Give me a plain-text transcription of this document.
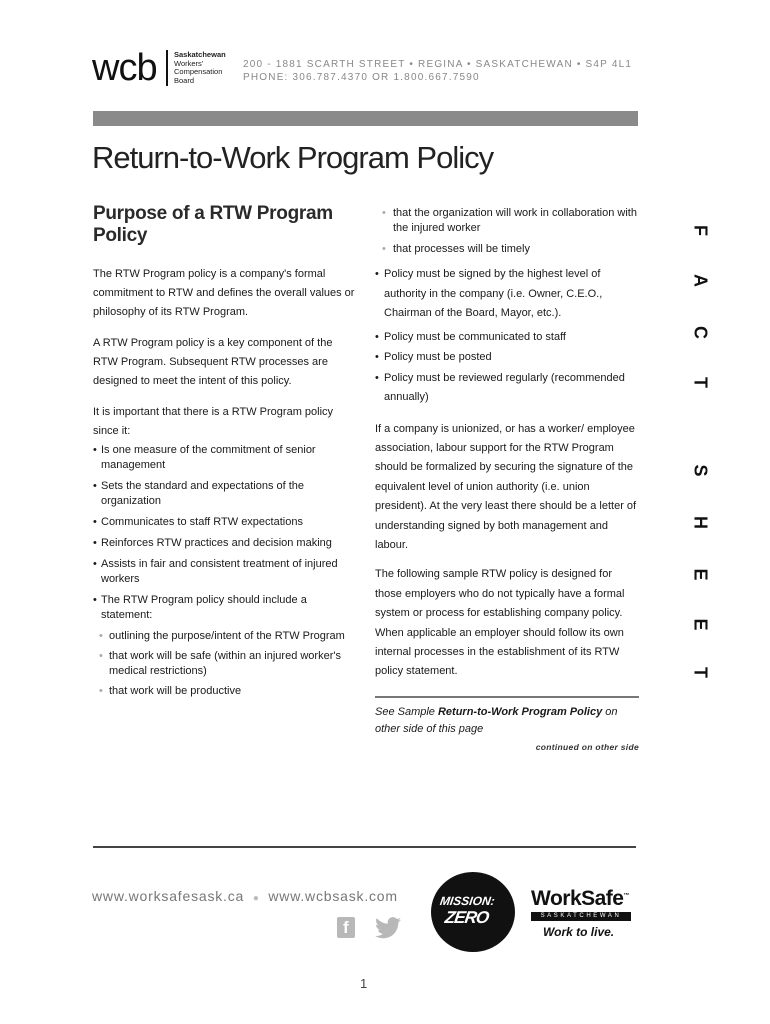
wcb Saskatchewan
Workers'
Compensation
Board
200 - 1881 SCARTH STREET • REGINA • SASKATCHEWAN • S4P 4L1
PHONE: 306.787.4370 OR 1.800.667.7590
Return-to-Work Program Policy
Purpose of a RTW Program Policy

The RTW Program policy is a company's formal commitment to RTW and defines the overall values or philosophy of its RTW Program.

A RTW Program policy is a key component of the RTW Program. Subsequent RTW processes are designed to meet the intent of this policy.

It is important that there is a RTW Program policy since it:

• Is one measure of the commitment of senior management
• Sets the standard and expectations of the organization
• Communicates to staff RTW expectations
• Reinforces RTW practices and decision making
• Assists in fair and consistent treatment of injured workers
• The RTW Program policy should include a statement:
• outlining the purpose/intent of the RTW Program
• that work will be safe (within an injured worker's medical restrictions)
• that work will be productive
• that the organization will work in collaboration with the injured worker
• that processes will be timely
• Policy must be signed by the highest level of authority in the company (i.e. Owner, C.E.O., Chairman of the Board, Mayor, etc.).
• Policy must be communicated to staff
• Policy must be posted
• Policy must be reviewed regularly (recommended annually)

If a company is unionized, or has a worker/ employee association, labour support for the RTW Program should be formalized by securing the signature of the equivalent level of union authority (i.e. union president). At the very least there should be a letter of understanding signed by both management and labour.

The following sample RTW policy is designed for those employers who do not typically have a formal system or process for establishing company policy. When applicable an employer should follow its own internal processes in the establishment of its RTW policy statement.

See Sample Return-to-Work Program Policy on other side of this page
continued on other side
F
A
C
T
S
H
E
E
T
www.worksafesask.ca ● www.wcbsask.com
f
MISSION:
ZERO
WorkSafe™
SASKATCHEWAN
Work to live.
1
